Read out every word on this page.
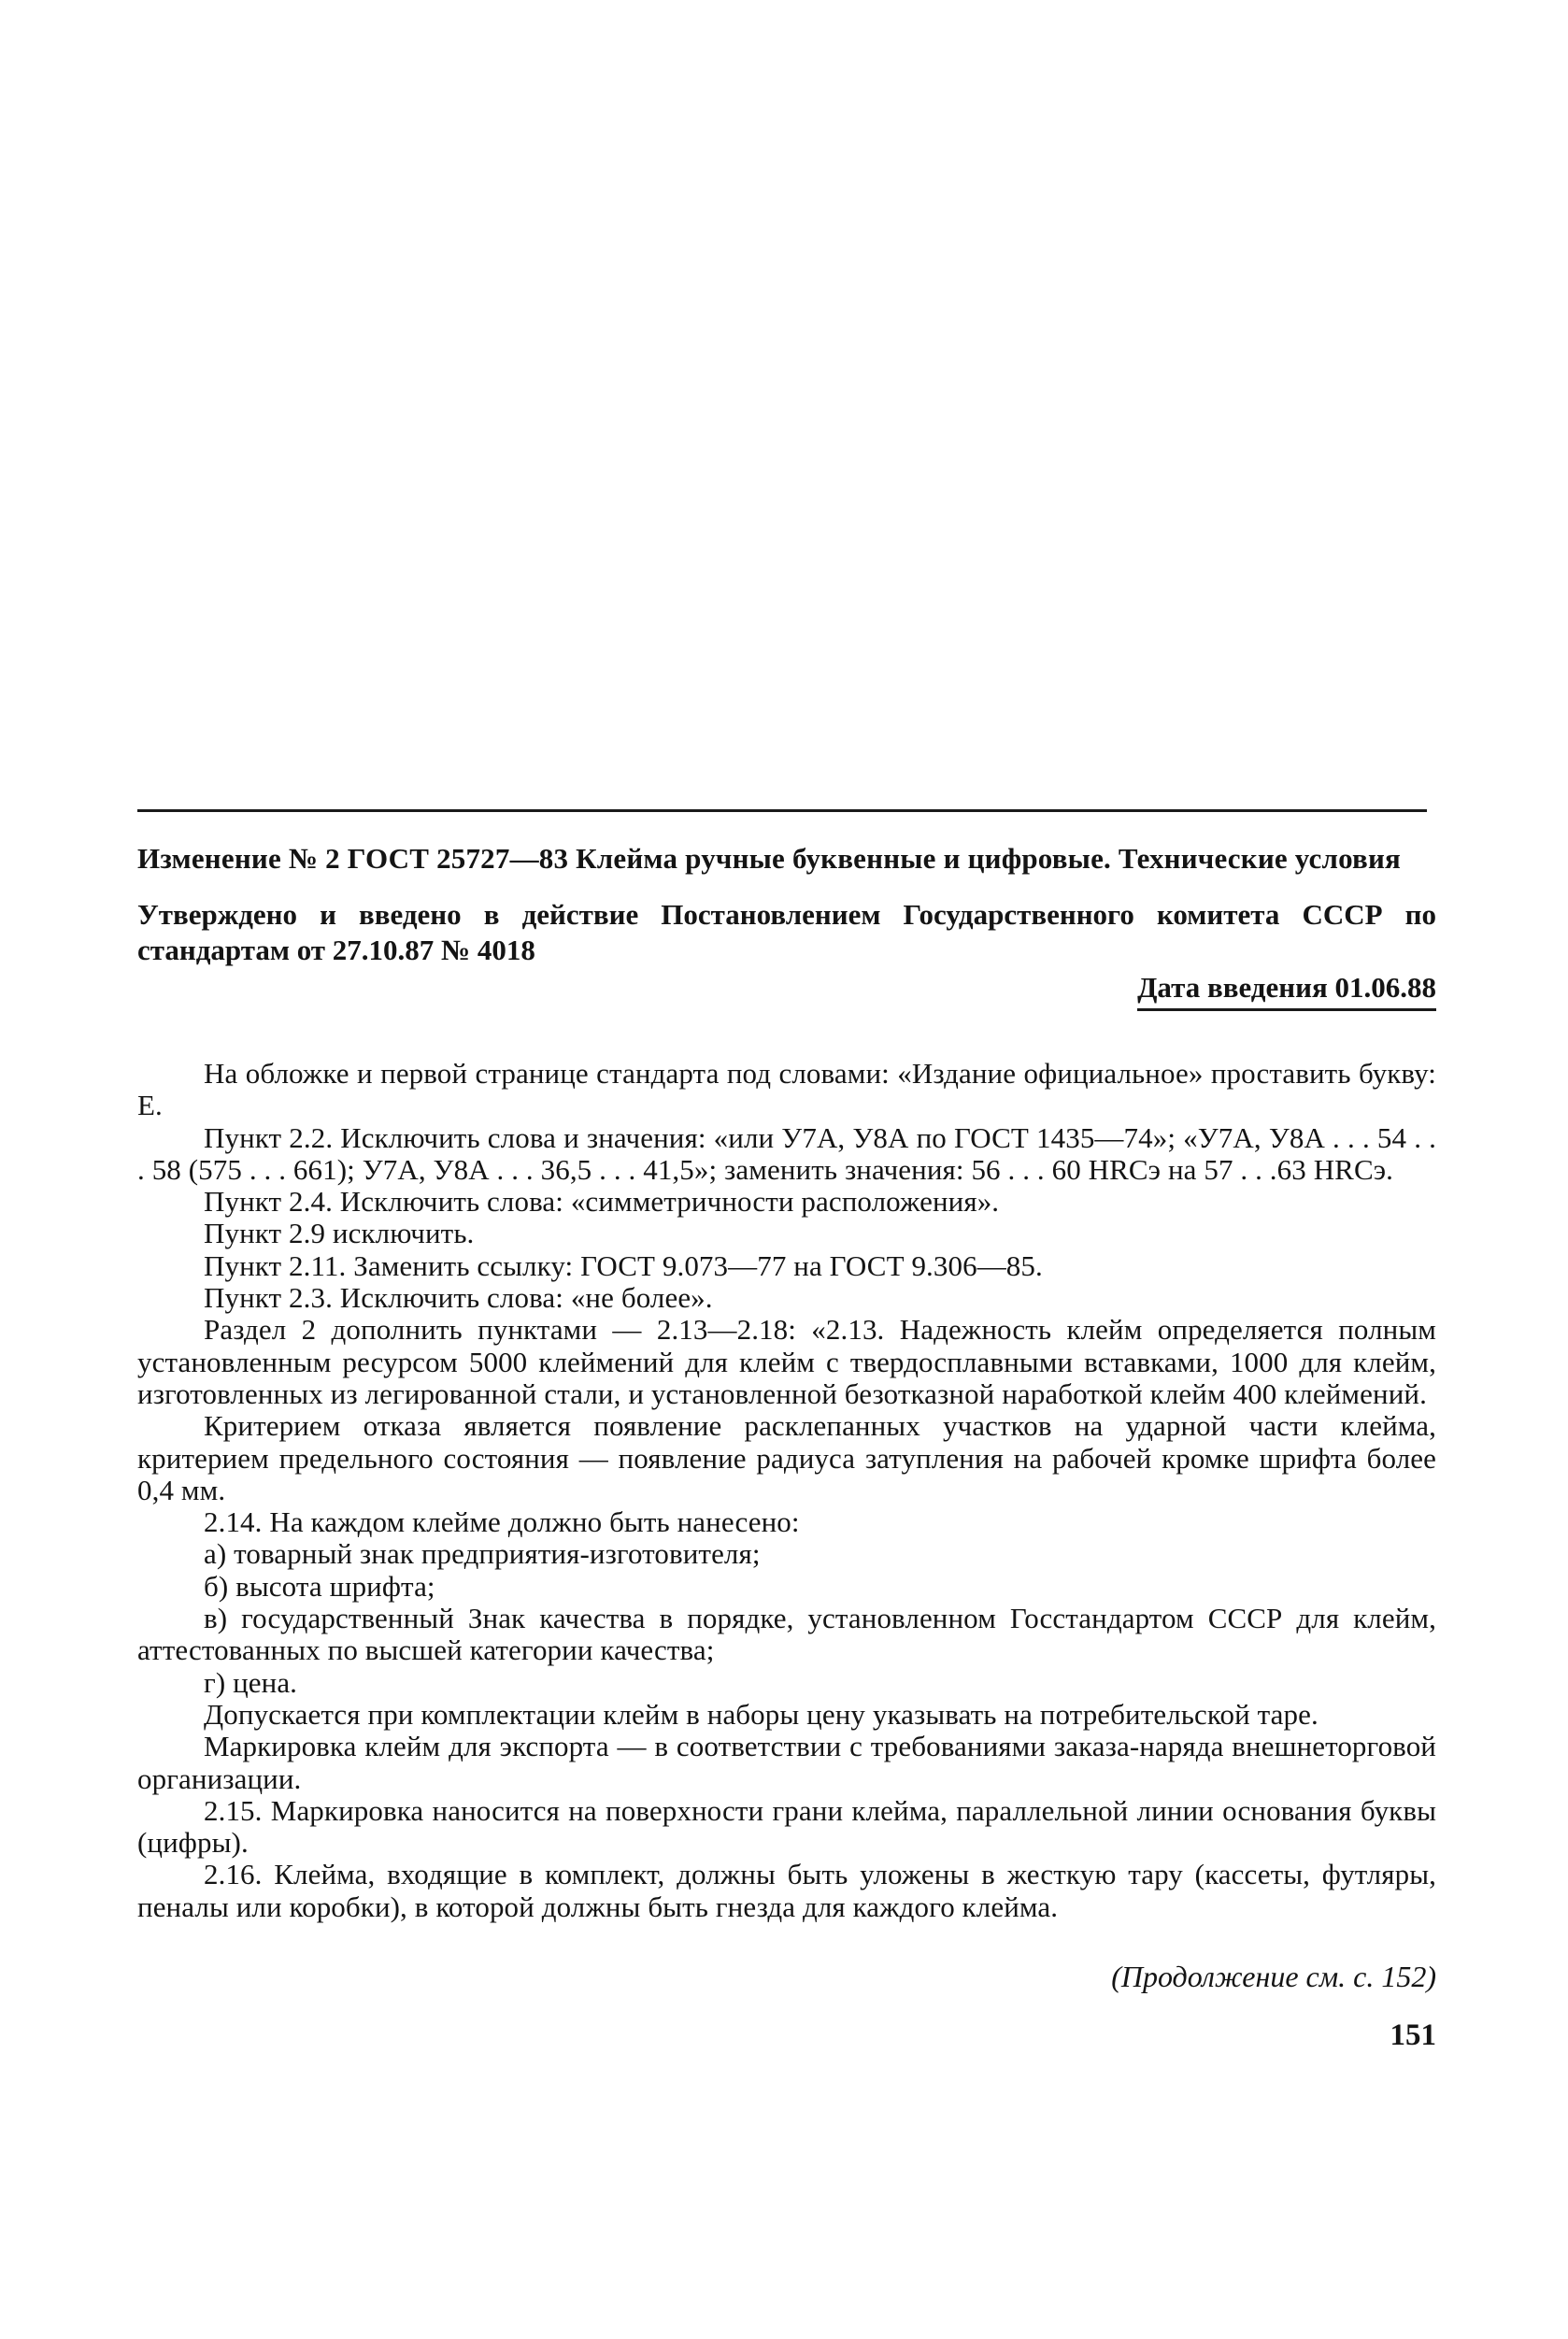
Изменение № 2 ГОСТ 25727—83 Клейма ручные буквенные и цифровые. Технические условия

Утверждено и введено в действие Постановлением Государственного комитета СССР по стандартам от 27.10.87 № 4018

Дата введения 01.06.88

На обложке и первой странице стандарта под словами: «Издание официальное» проставить букву: Е.

Пункт 2.2. Исключить слова и значения: «или У7А, У8А по ГОСТ 1435—74»; «У7А, У8А . . . 54 . . . 58 (575 . . . 661); У7А, У8А . . . 36,5 . . . 41,5»; заменить значения: 56 . . . 60 HRCэ на 57 . . .63 HRCэ.

Пункт 2.4. Исключить слова: «симметричности расположения».

Пункт 2.9 исключить.

Пункт 2.11. Заменить ссылку: ГОСТ 9.073—77 на ГОСТ 9.306—85.

Пункт 2.3. Исключить слова: «не более».

Раздел 2 дополнить пунктами — 2.13—2.18: «2.13. Надежность клейм определяется полным установленным ресурсом 5000 клеймений для клейм с твердосплавными вставками, 1000 для клейм, изготовленных из легированной стали, и установленной безотказной наработкой клейм 400 клеймений.

Критерием отказа является появление расклепанных участков на ударной части клейма, критерием предельного состояния — появление радиуса затупления на рабочей кромке шрифта более 0,4 мм.

2.14. На каждом клейме должно быть нанесено:

а) товарный знак предприятия-изготовителя;

б) высота шрифта;

в) государственный Знак качества в порядке, установленном Госстандартом СССР для клейм, аттестованных по высшей категории качества;

г) цена.

Допускается при комплектации клейм в наборы цену указывать на потребительской таре.

Маркировка клейм для экспорта — в соответствии с требованиями заказа-наряда внешнеторговой организации.

2.15. Маркировка наносится на поверхности грани клейма, параллельной линии основания буквы (цифры).

2.16. Клейма, входящие в комплект, должны быть уложены в жесткую тару (кассеты, футляры, пеналы или коробки), в которой должны быть гнезда для каждого клейма.

(Продолжение см. с. 152)
151
